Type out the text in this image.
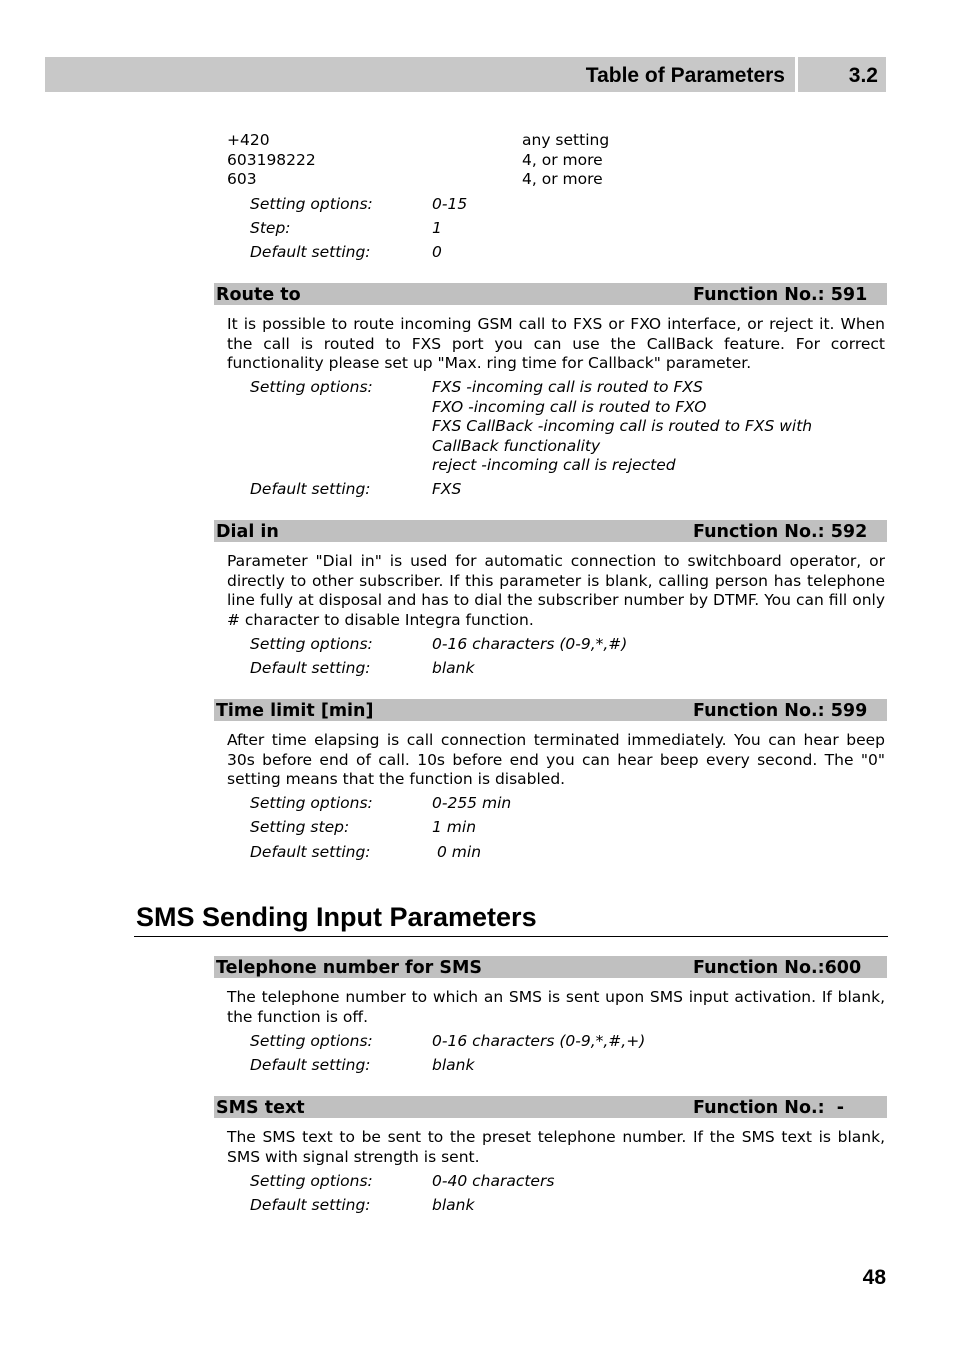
Table of Parameters	3.2
+420	any setting
603198222	4, or more
603	4, or more
Setting options:	0-15
Step:	1
Default setting:	0
Route to	Function No.: 591

It is possible to route incoming GSM call to FXS or FXO interface, or reject it. When the call is routed to FXS port you can use the CallBack feature. For correct functionality please set up "Max. ring time for Callback" parameter.

Setting options:	FXS -incoming call is routed to FXS
FXO -incoming call is routed to FXO
FXS CallBack -incoming call is routed to FXS with
CallBack functionality
reject -incoming call is rejected
Default setting:	FXS
Dial in	Function No.: 592

Parameter "Dial in" is used for automatic connection to switchboard operator, or directly to other subscriber. If this parameter is blank, calling person has telephone line fully at disposal and has to dial the subscriber number by DTMF. You can fill only # character to disable Integra function.

Setting options:	0-16 characters (0-9,*,#)
Default setting:	blank
Time limit [min]	Function No.: 599

After time elapsing is call connection terminated immediately. You can hear beep 30s before end of call. 10s before end you can hear beep every second. The "0" setting means that the function is disabled.

Setting options:	0-255 min
Setting step:	1 min
Default setting:	0 min
SMS Sending Input Parameters
Telephone number for SMS	Function No.:600

The telephone number to which an SMS is sent upon SMS input activation. If blank, the function is off.

Setting options:	0-16 characters (0-9,*,#,+)
Default setting:	blank
SMS text	Function No.:  -

The SMS text to be sent to the preset telephone number. If the SMS text is blank, SMS with signal strength is sent.

Setting options:	0-40 characters
Default setting:	blank
48
